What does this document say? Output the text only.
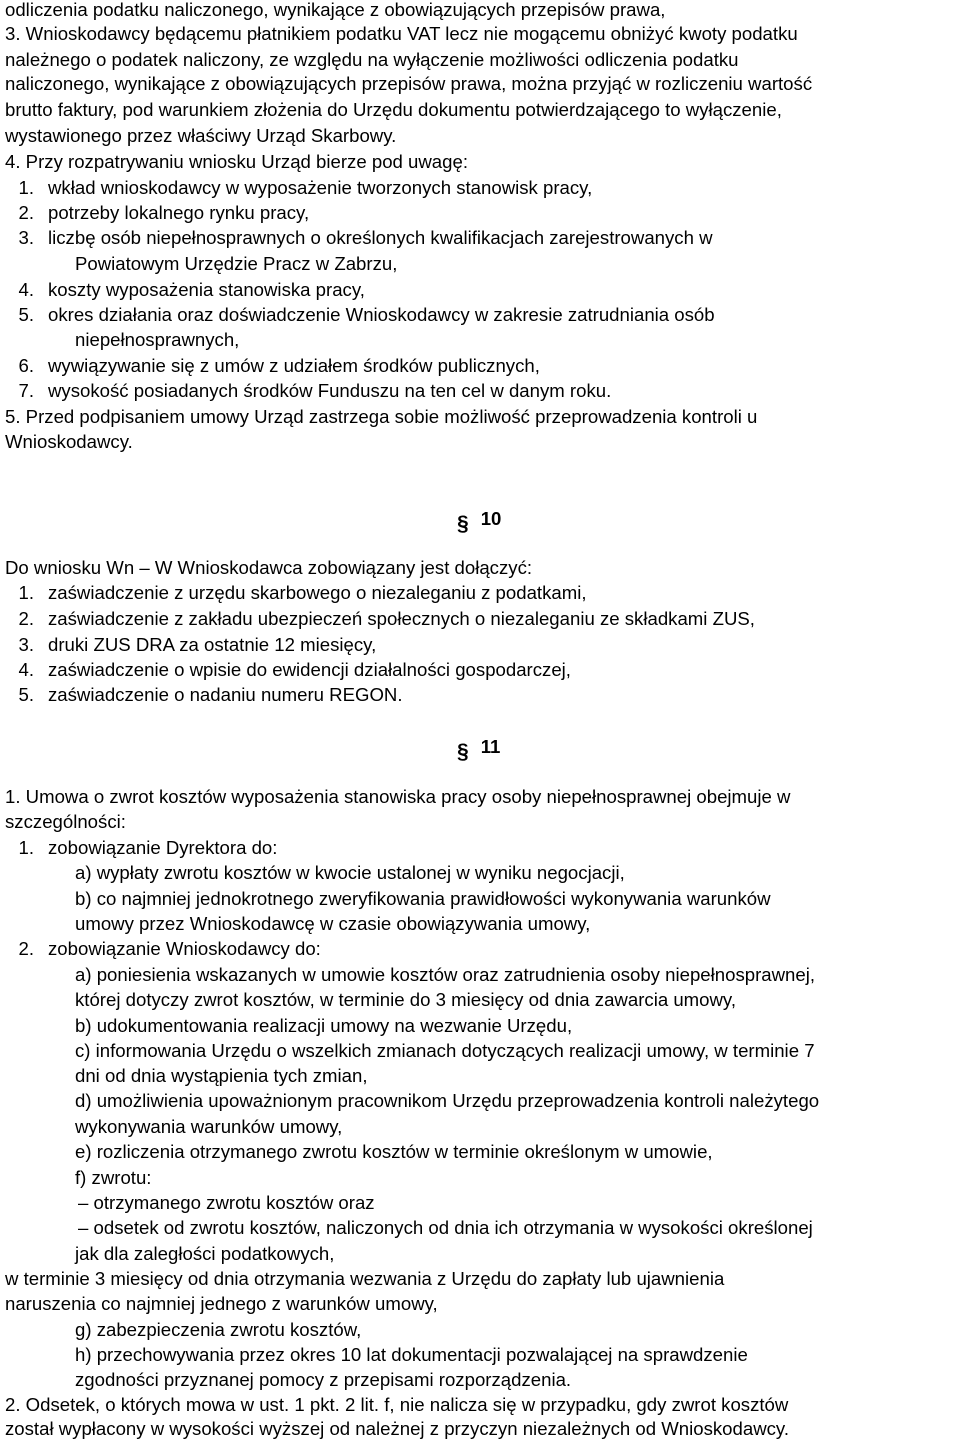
odliczenia podatku naliczonego, wynikające z obowiązujących przepisów prawa,
3. Wnioskodawcy będącemu płatnikiem podatku VAT lecz nie mogącemu obniżyć kwoty podatku
należnego o podatek naliczony, ze względu na wyłączenie możliwości odliczenia podatku
naliczonego, wynikające z obowiązujących przepisów prawa, można przyjąć w rozliczeniu wartość
brutto faktury, pod warunkiem złożenia do Urzędu dokumentu potwierdzającego to wyłączenie,
wystawionego przez właściwy Urząd Skarbowy.
4. Przy rozpatrywaniu wniosku Urząd bierze pod uwagę:
1. wkład wnioskodawcy w wyposażenie tworzonych stanowisk pracy,
2. potrzeby lokalnego rynku pracy,
3. liczbę osób niepełnosprawnych o określonych kwalifikacjach zarejestrowanych w
Powiatowym Urzędzie Pracz w Zabrzu,
4. koszty wyposażenia stanowiska pracy,
5. okres działania oraz doświadczenie Wnioskodawcy w zakresie zatrudniania osób
niepełnosprawnych,
6. wywiązywanie się z umów z udziałem środków publicznych,
7. wysokość posiadanych środków Funduszu na ten cel w danym roku.
5. Przed podpisaniem umowy Urząd zastrzega sobie możliwość przeprowadzenia kontroli u
Wnioskodawcy.
§ 10
Do wniosku Wn – W Wnioskodawca zobowiązany jest dołączyć:
1. zaświadczenie z urzędu skarbowego o niezaleganiu z podatkami,
2. zaświadczenie z zakładu ubezpieczeń społecznych o niezaleganiu ze składkami ZUS,
3. druki ZUS DRA za ostatnie 12 miesięcy,
4. zaświadczenie o wpisie do ewidencji działalności gospodarczej,
5. zaświadczenie o nadaniu numeru REGON.
§ 11
1. Umowa o zwrot kosztów wyposażenia stanowiska pracy osoby niepełnosprawnej obejmuje w
szczególności:
1. zobowiązanie Dyrektora do:
a) wypłaty zwrotu kosztów w kwocie ustalonej w wyniku negocjacji,
b) co najmniej jednokrotnego zweryfikowania prawidłowości wykonywania warunków
umowy przez Wnioskodawcę w czasie obowiązywania umowy,
2. zobowiązanie Wnioskodawcy do:
a) poniesienia wskazanych w umowie kosztów oraz zatrudnienia osoby niepełnosprawnej,
której dotyczy zwrot kosztów, w terminie do 3 miesięcy od dnia zawarcia umowy,
b) udokumentowania realizacji umowy na wezwanie Urzędu,
c) informowania Urzędu o wszelkich zmianach dotyczących realizacji umowy, w terminie 7
dni od dnia wystąpienia tych zmian,
d) umożliwienia upoważnionym pracownikom Urzędu przeprowadzenia kontroli należytego
wykonywania warunków umowy,
e) rozliczenia otrzymanego zwrotu kosztów w terminie określonym w umowie,
f) zwrotu:
– otrzymanego zwrotu kosztów oraz
– odsetek od zwrotu kosztów, naliczonych od dnia ich otrzymania w wysokości określonej
jak dla zaległości podatkowych,
w terminie 3 miesięcy od dnia otrzymania wezwania z Urzędu do zapłaty lub ujawnienia
naruszenia co najmniej jednego z warunków umowy,
g) zabezpieczenia zwrotu kosztów,
h) przechowywania przez okres 10 lat dokumentacji pozwalającej na sprawdzenie
zgodności przyznanej pomocy z przepisami rozporządzenia.
2. Odsetek, o których mowa w ust. 1 pkt. 2 lit. f, nie nalicza się w przypadku, gdy zwrot kosztów
został wypłacony w wysokości wyższej od należnej z przyczyn niezależnych od Wnioskodawcy.
